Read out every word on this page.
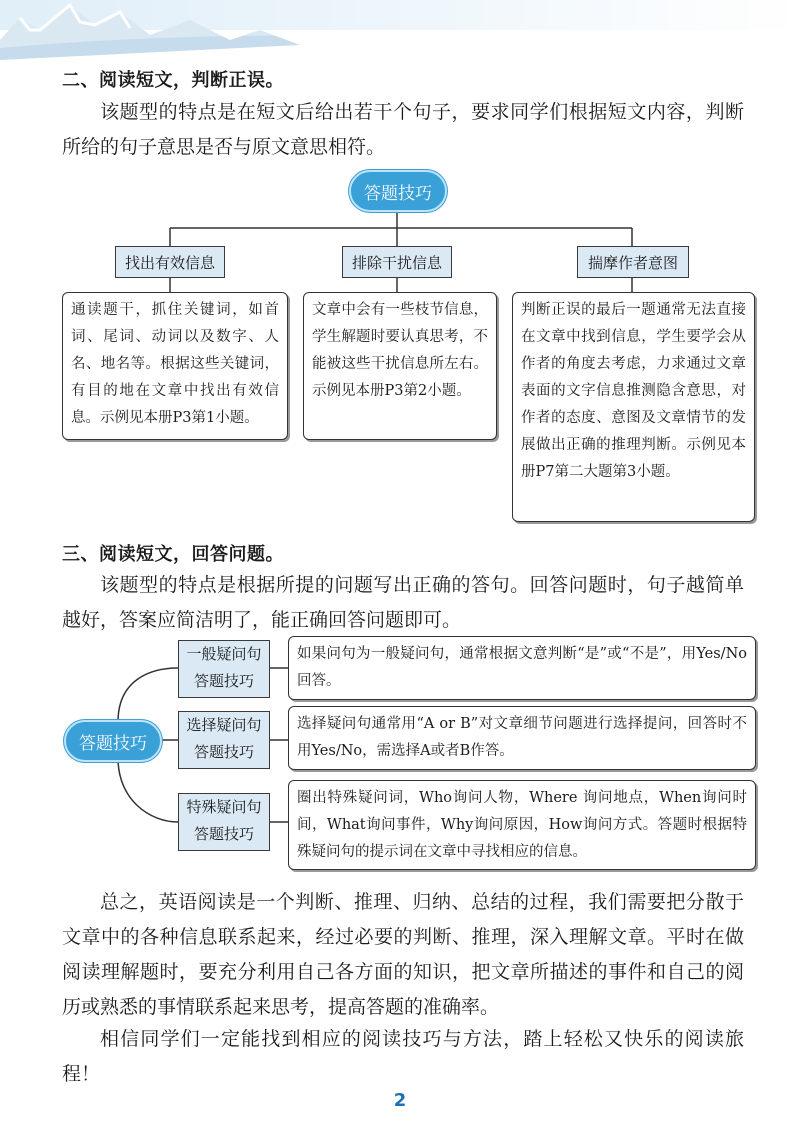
二、阅读短文，判断正误。
该题型的特点是在短文后给出若干个句子，要求同学们根据短文内容，判断所给的句子意思是否与原文意思相符。
答题技巧
找出有效信息	排除干扰信息	揣摩作者意图
通读题干，抓住关键词，如首词、尾词、动词以及数字、人名、地名等。根据这些关键词，有目的地在文章中找出有效信息。示例见本册P3第1小题。
文章中会有一些枝节信息，学生解题时要认真思考，不能被这些干扰信息所左右。示例见本册P3第2小题。
判断正误的最后一题通常无法直接在文章中找到信息，学生要学会从作者的角度去考虑，力求通过文章表面的文字信息推测隐含意思，对作者的态度、意图及文章情节的发展做出正确的推理判断。示例见本册P7第二大题第3小题。
三、阅读短文，回答问题。
该题型的特点是根据所提的问题写出正确的答句。回答问题时，句子越简单越好，答案应简洁明了，能正确回答问题即可。
答题技巧
一般疑问句
答题技巧
选择疑问句
答题技巧
特殊疑问句
答题技巧
如果问句为一般疑问句，通常根据文意判断“是”或“不是”，用Yes/No回答。
选择疑问句通常用“A or B”对文章细节问题进行选择提问，回答时不用Yes/No，需选择A或者B作答。
圈出特殊疑问词，Who询问人物，Where 询问地点，When询问时间，What询问事件，Why询问原因，How询问方式。答题时根据特殊疑问句的提示词在文章中寻找相应的信息。
总之，英语阅读是一个判断、推理、归纳、总结的过程，我们需要把分散于文章中的各种信息联系起来，经过必要的判断、推理，深入理解文章。平时在做阅读理解题时，要充分利用自己各方面的知识，把文章所描述的事件和自己的阅历或熟悉的事情联系起来思考，提高答题的准确率。
相信同学们一定能找到相应的阅读技巧与方法，踏上轻松又快乐的阅读旅程！
2
